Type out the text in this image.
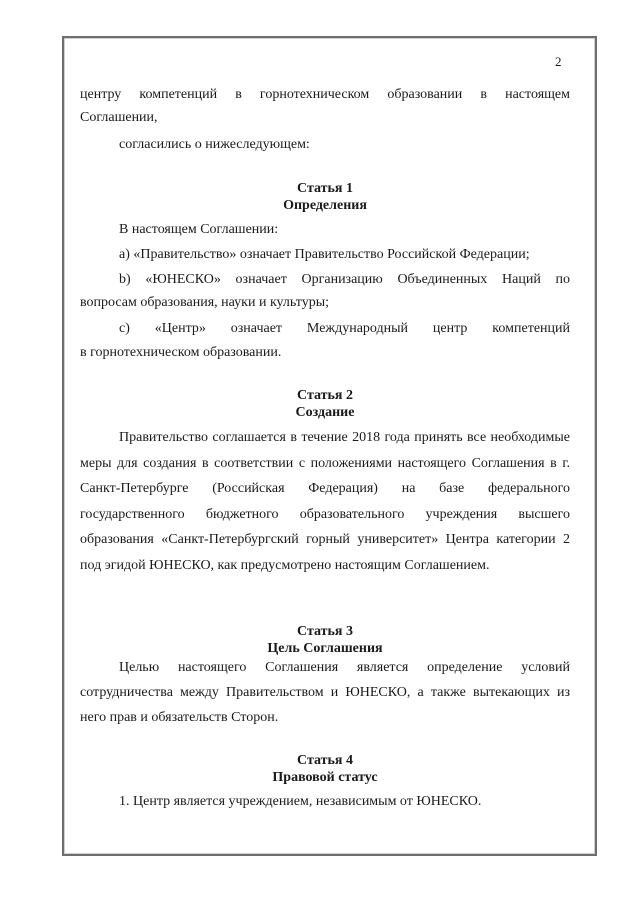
2
центру компетенций в горнотехническом образовании в настоящем
Соглашении,
согласились о нижеследующем:
Статья 1
Определения
В настоящем Соглашении:
а) «Правительство» означает Правительство Российской Федерации;
b) «ЮНЕСКО» означает Организацию Объединенных Наций по
вопросам образования, науки и культуры;
с) «Центр» означает Международный центр компетенций
в горнотехническом образовании.
Статья 2
Создание
Правительство соглашается в течение 2018 года принять все необходимые меры для создания в соответствии с положениями настоящего Соглашения в г. Санкт-Петербурге (Российская Федерация) на базе федерального государственного бюджетного образовательного учреждения высшего образования «Санкт-Петербургский горный университет» Центра категории 2 под эгидой ЮНЕСКО, как предусмотрено настоящим Соглашением.
Статья 3
Цель Соглашения
Целью настоящего Соглашения является определение условий сотрудничества между Правительством и ЮНЕСКО, а также вытекающих из него прав и обязательств Сторон.
Статья 4
Правовой статус
1. Центр является учреждением, независимым от ЮНЕСКО.
